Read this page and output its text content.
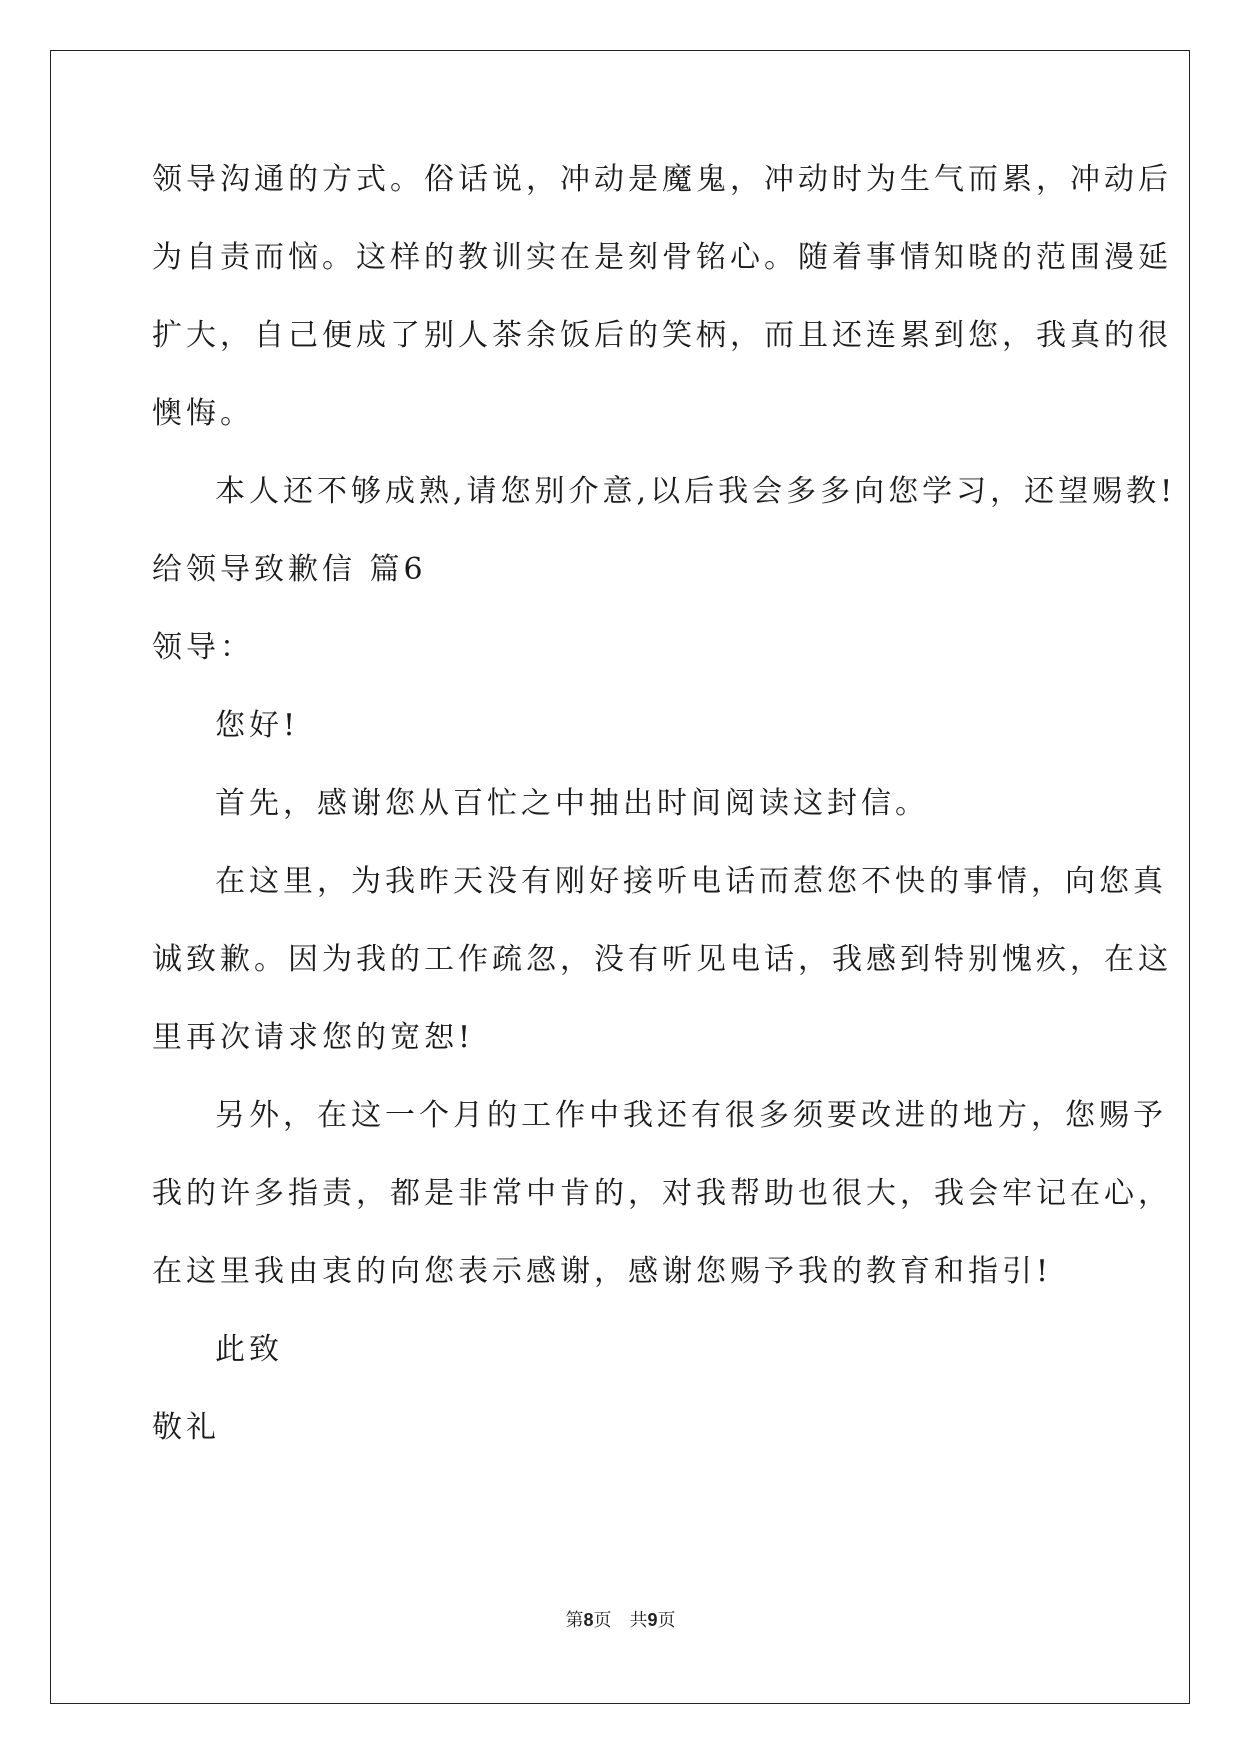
领导沟通的方式。俗话说，冲动是魔鬼，冲动时为生气而累，冲动后
为自责而恼。这样的教训实在是刻骨铭心。随着事情知晓的范围漫延
扩大，自己便成了别人茶余饭后的笑柄，而且还连累到您，我真的很
懊悔。
本人还不够成熟,请您别介意,以后我会多多向您学习，还望赐教!
给领导致歉信 篇6
领导：
您好!
首先，感谢您从百忙之中抽出时间阅读这封信。
在这里，为我昨天没有刚好接听电话而惹您不快的事情，向您真
诚致歉。因为我的工作疏忽，没有听见电话，我感到特别愧疚，在这
里再次请求您的宽恕!
另外，在这一个月的工作中我还有很多须要改进的地方，您赐予
我的许多指责，都是非常中肯的，对我帮助也很大，我会牢记在心，
在这里我由衷的向您表示感谢，感谢您赐予我的教育和指引!
此致
敬礼
第8页 共9页
